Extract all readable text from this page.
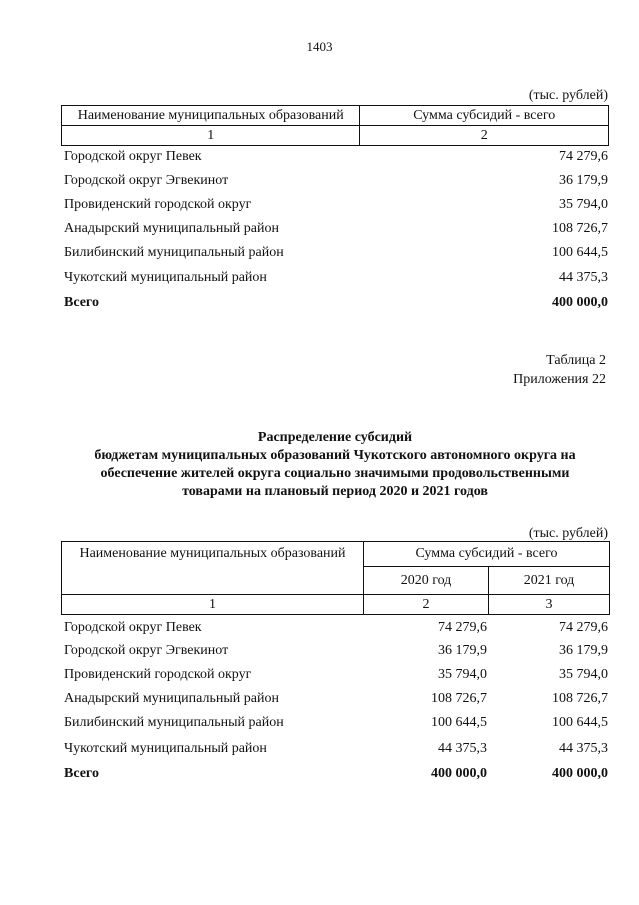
1403
(тыс. рублей)
Наименование муниципальных образований	Сумма субсидий - всего
1	2
Городской округ Певек	74 279,6
Городской округ Эгвекинот	36 179,9
Провиденский городской округ	35 794,0
Анадырский муниципальный район	108 726,7
Билибинский муниципальный район	100 644,5
Чукотский муниципальный район	44 375,3
Всего	400 000,0
Таблица 2
Приложения 22
Распределение субсидий
бюджетам муниципальных образований Чукотского автономного округа на
обеспечение жителей округа социально значимыми продовольственными
товарами на плановый период 2020 и 2021 годов
(тыс. рублей)
Наименование муниципальных образований	Сумма субсидий - всего	
	2020 год	2021 год
1	2	3
Городской округ Певек	74 279,6	74 279,6
Городской округ Эгвекинот	36 179,9	36 179,9
Провиденский городской округ	35 794,0	35 794,0
Анадырский муниципальный район	108 726,7	108 726,7
Билибинский муниципальный район	100 644,5	100 644,5
Чукотский муниципальный район	44 375,3	44 375,3
Всего	400 000,0	400 000,0
